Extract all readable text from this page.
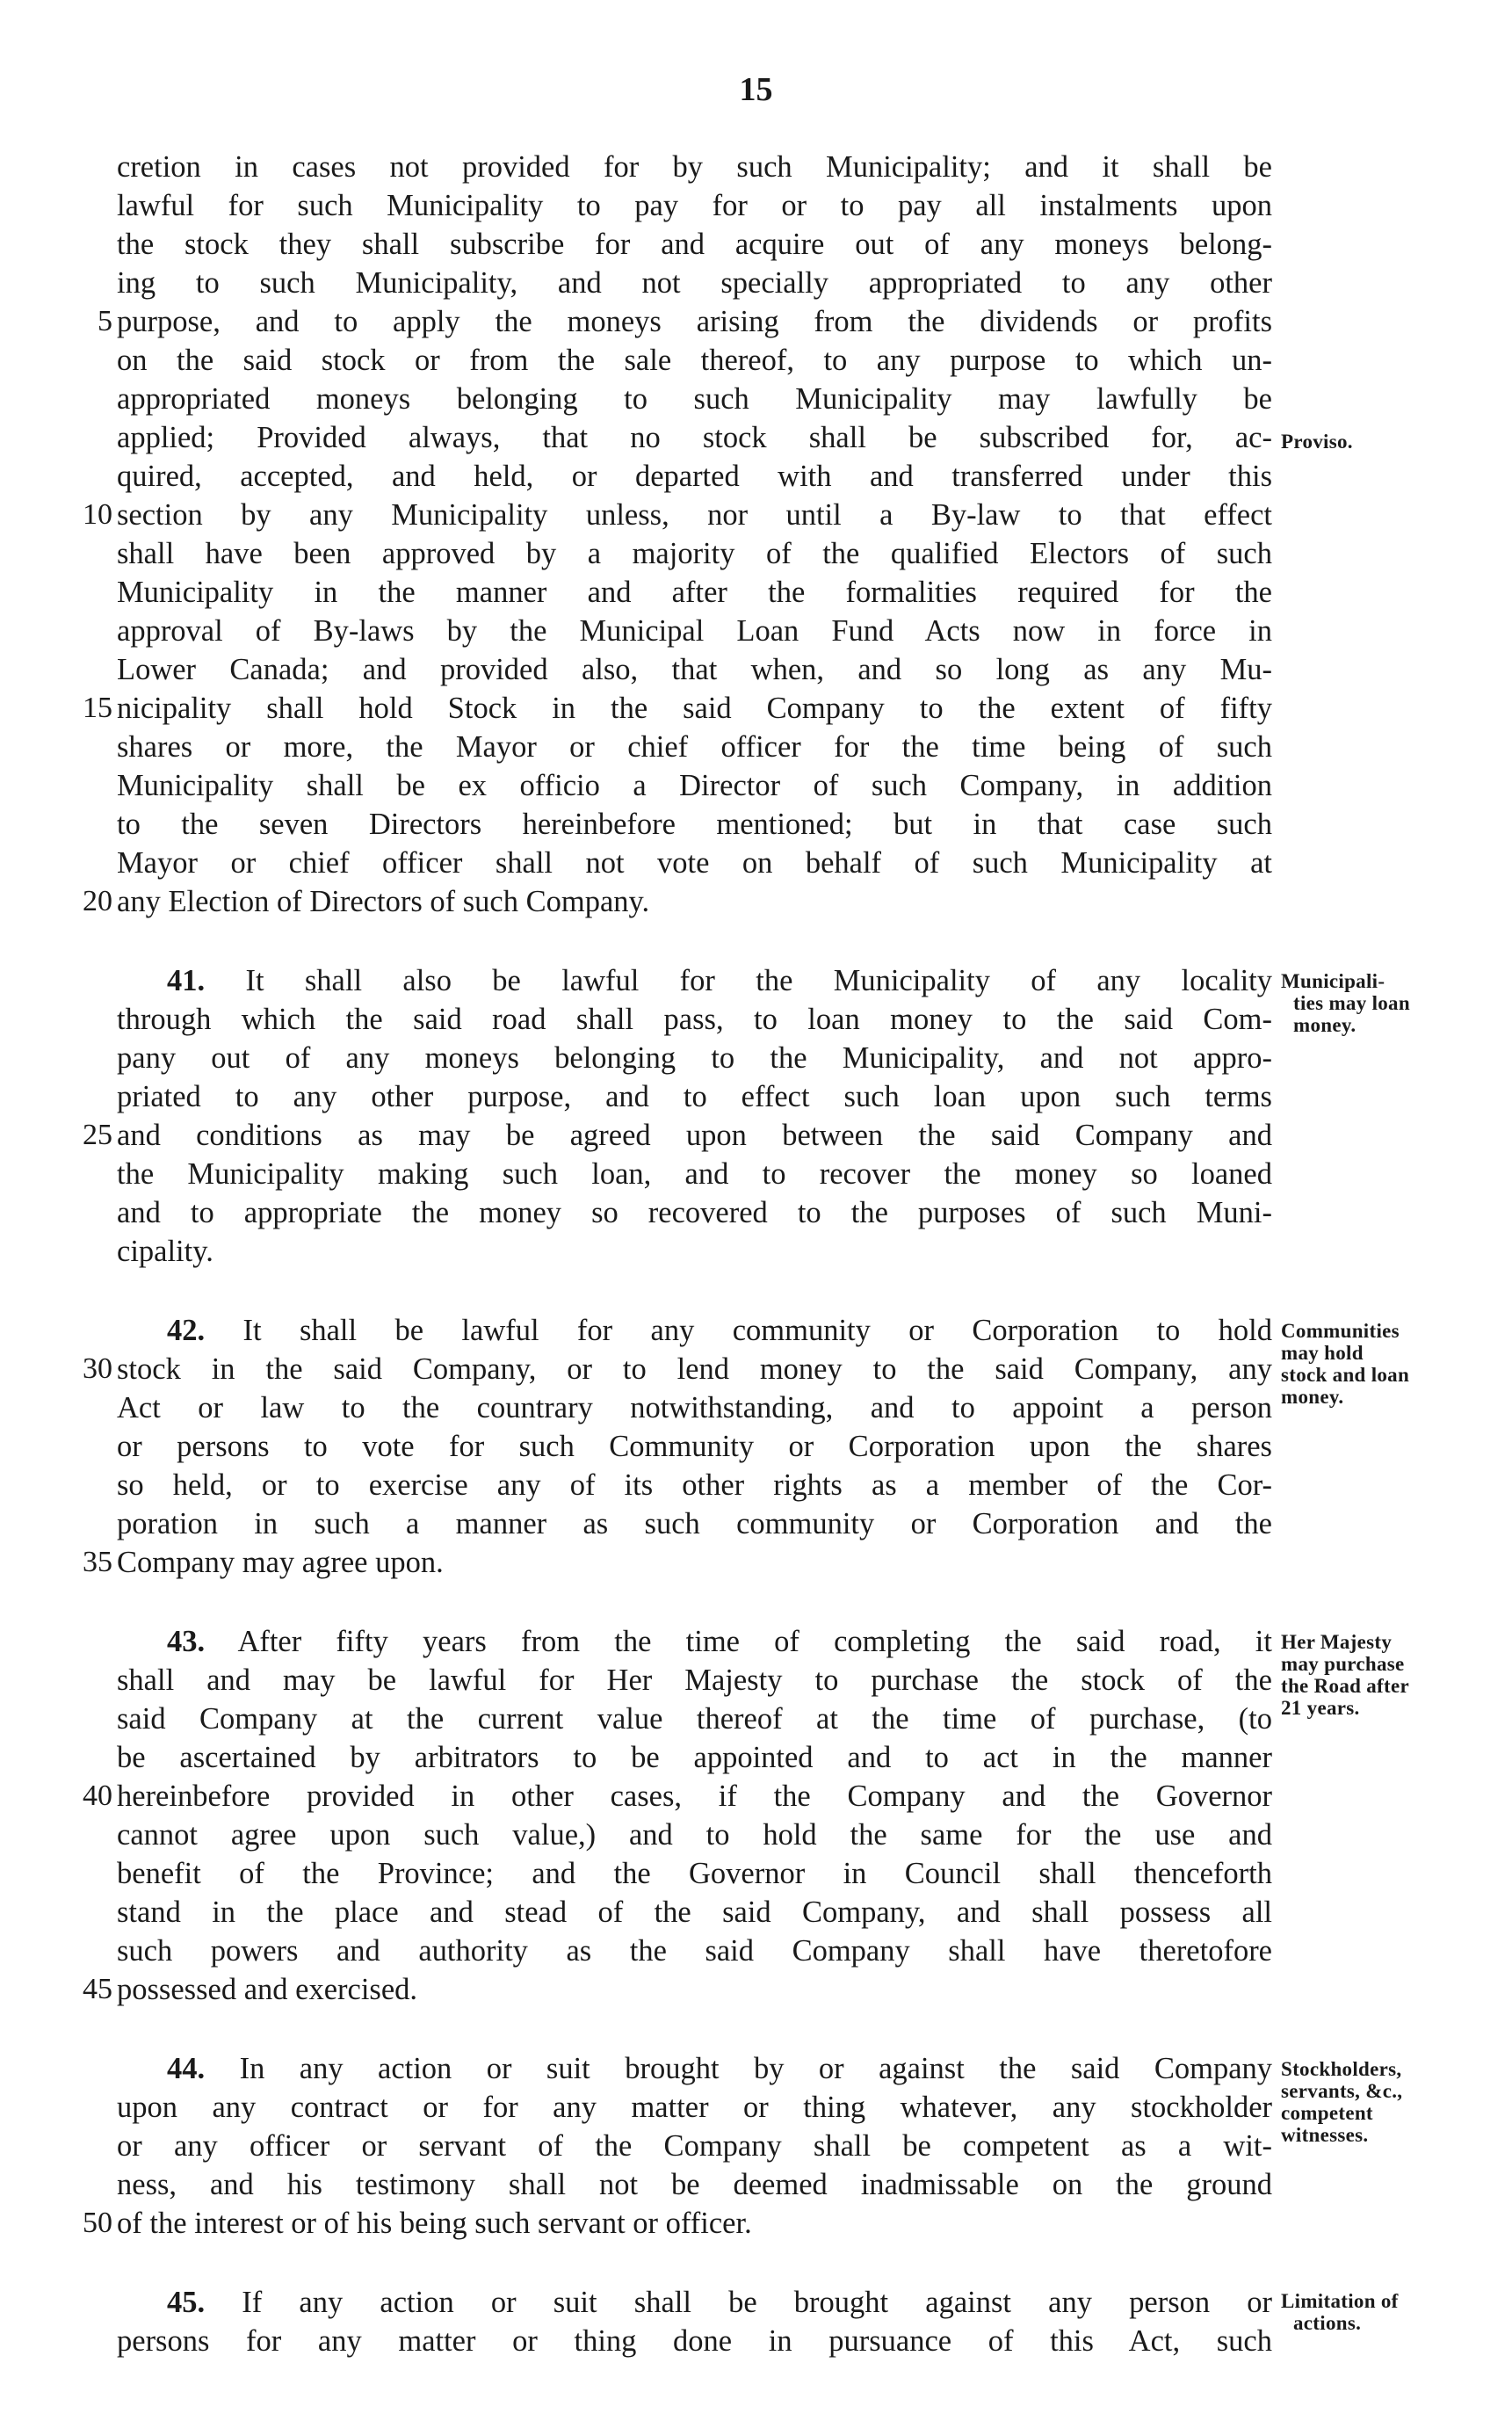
15
5
10
15
20
25
30
35
40
45
50
cretion in cases not provided for by such Municipality; and it shall be
lawful for such Municipality to pay for or to pay all instalments upon
the stock they shall subscribe for and acquire out of any moneys belong-
ing to such Municipality, and not specially appropriated to any other
purpose, and to apply the moneys arising from the dividends or profits
on the said stock or from the sale thereof, to any purpose to which un-
appropriated moneys belonging to such Municipality may lawfully be
applied; Provided always, that no stock shall be subscribed for, ac-
quired, accepted, and held, or departed with and transferred under this
section by any Municipality unless, nor until a By-law to that effect
shall have been approved by a majority of the qualified Electors of such
Municipality in the manner and after the formalities required for the
approval of By-laws by the Municipal Loan Fund Acts now in force in
Lower Canada; and provided also, that when, and so long as any Mu-
nicipality shall hold Stock in the said Company to the extent of fifty
shares or more, the Mayor or chief officer for the time being of such
Municipality shall be ex officio a Director of such Company, in addition
to the seven Directors hereinbefore mentioned; but in that case such
Mayor or chief officer shall not vote on behalf of such Municipality at
any Election of Directors of such Company.
41. It shall also be lawful for the Municipality of any locality
through which the said road shall pass, to loan money to the said Com-
pany out of any moneys belonging to the Municipality, and not appro-
priated to any other purpose, and to effect such loan upon such terms
and conditions as may be agreed upon between the said Company and
the Municipality making such loan, and to recover the money so loaned
and to appropriate the money so recovered to the purposes of such Muni-
cipality.
42. It shall be lawful for any community or Corporation to hold
stock in the said Company, or to lend money to the said Company, any
Act or law to the countrary notwithstanding, and to appoint a person
or persons to vote for such Community or Corporation upon the shares
so held, or to exercise any of its other rights as a member of the Cor-
poration in such a manner as such community or Corporation and the
Company may agree upon.
43. After fifty years from the time of completing the said road, it
shall and may be lawful for Her Majesty to purchase the stock of the
said Company at the current value thereof at the time of purchase, (to
be ascertained by arbitrators to be appointed and to act in the manner
hereinbefore provided in other cases, if the Company and the Governor
cannot agree upon such value,) and to hold the same for the use and
benefit of the Province; and the Governor in Council shall thenceforth
stand in the place and stead of the said Company, and shall possess all
such powers and authority as the said Company shall have theretofore
possessed and exercised.
44. In any action or suit brought by or against the said Company
upon any contract or for any matter or thing whatever, any stockholder
or any officer or servant of the Company shall be competent as a wit-
ness, and his testimony shall not be deemed inadmissable on the ground
of the interest or of his being such servant or officer.
45. If any action or suit shall be brought against any person or
persons for any matter or thing done in pursuance of this Act, such
Proviso.
Municipali-
ties may loan
money.
Communities
may hold
stock and loan
money.
Her Majesty
may purchase
the Road after
21 years.
Stockholders,
servants, &c.,
competent
witnesses.
Limitation of
actions.
